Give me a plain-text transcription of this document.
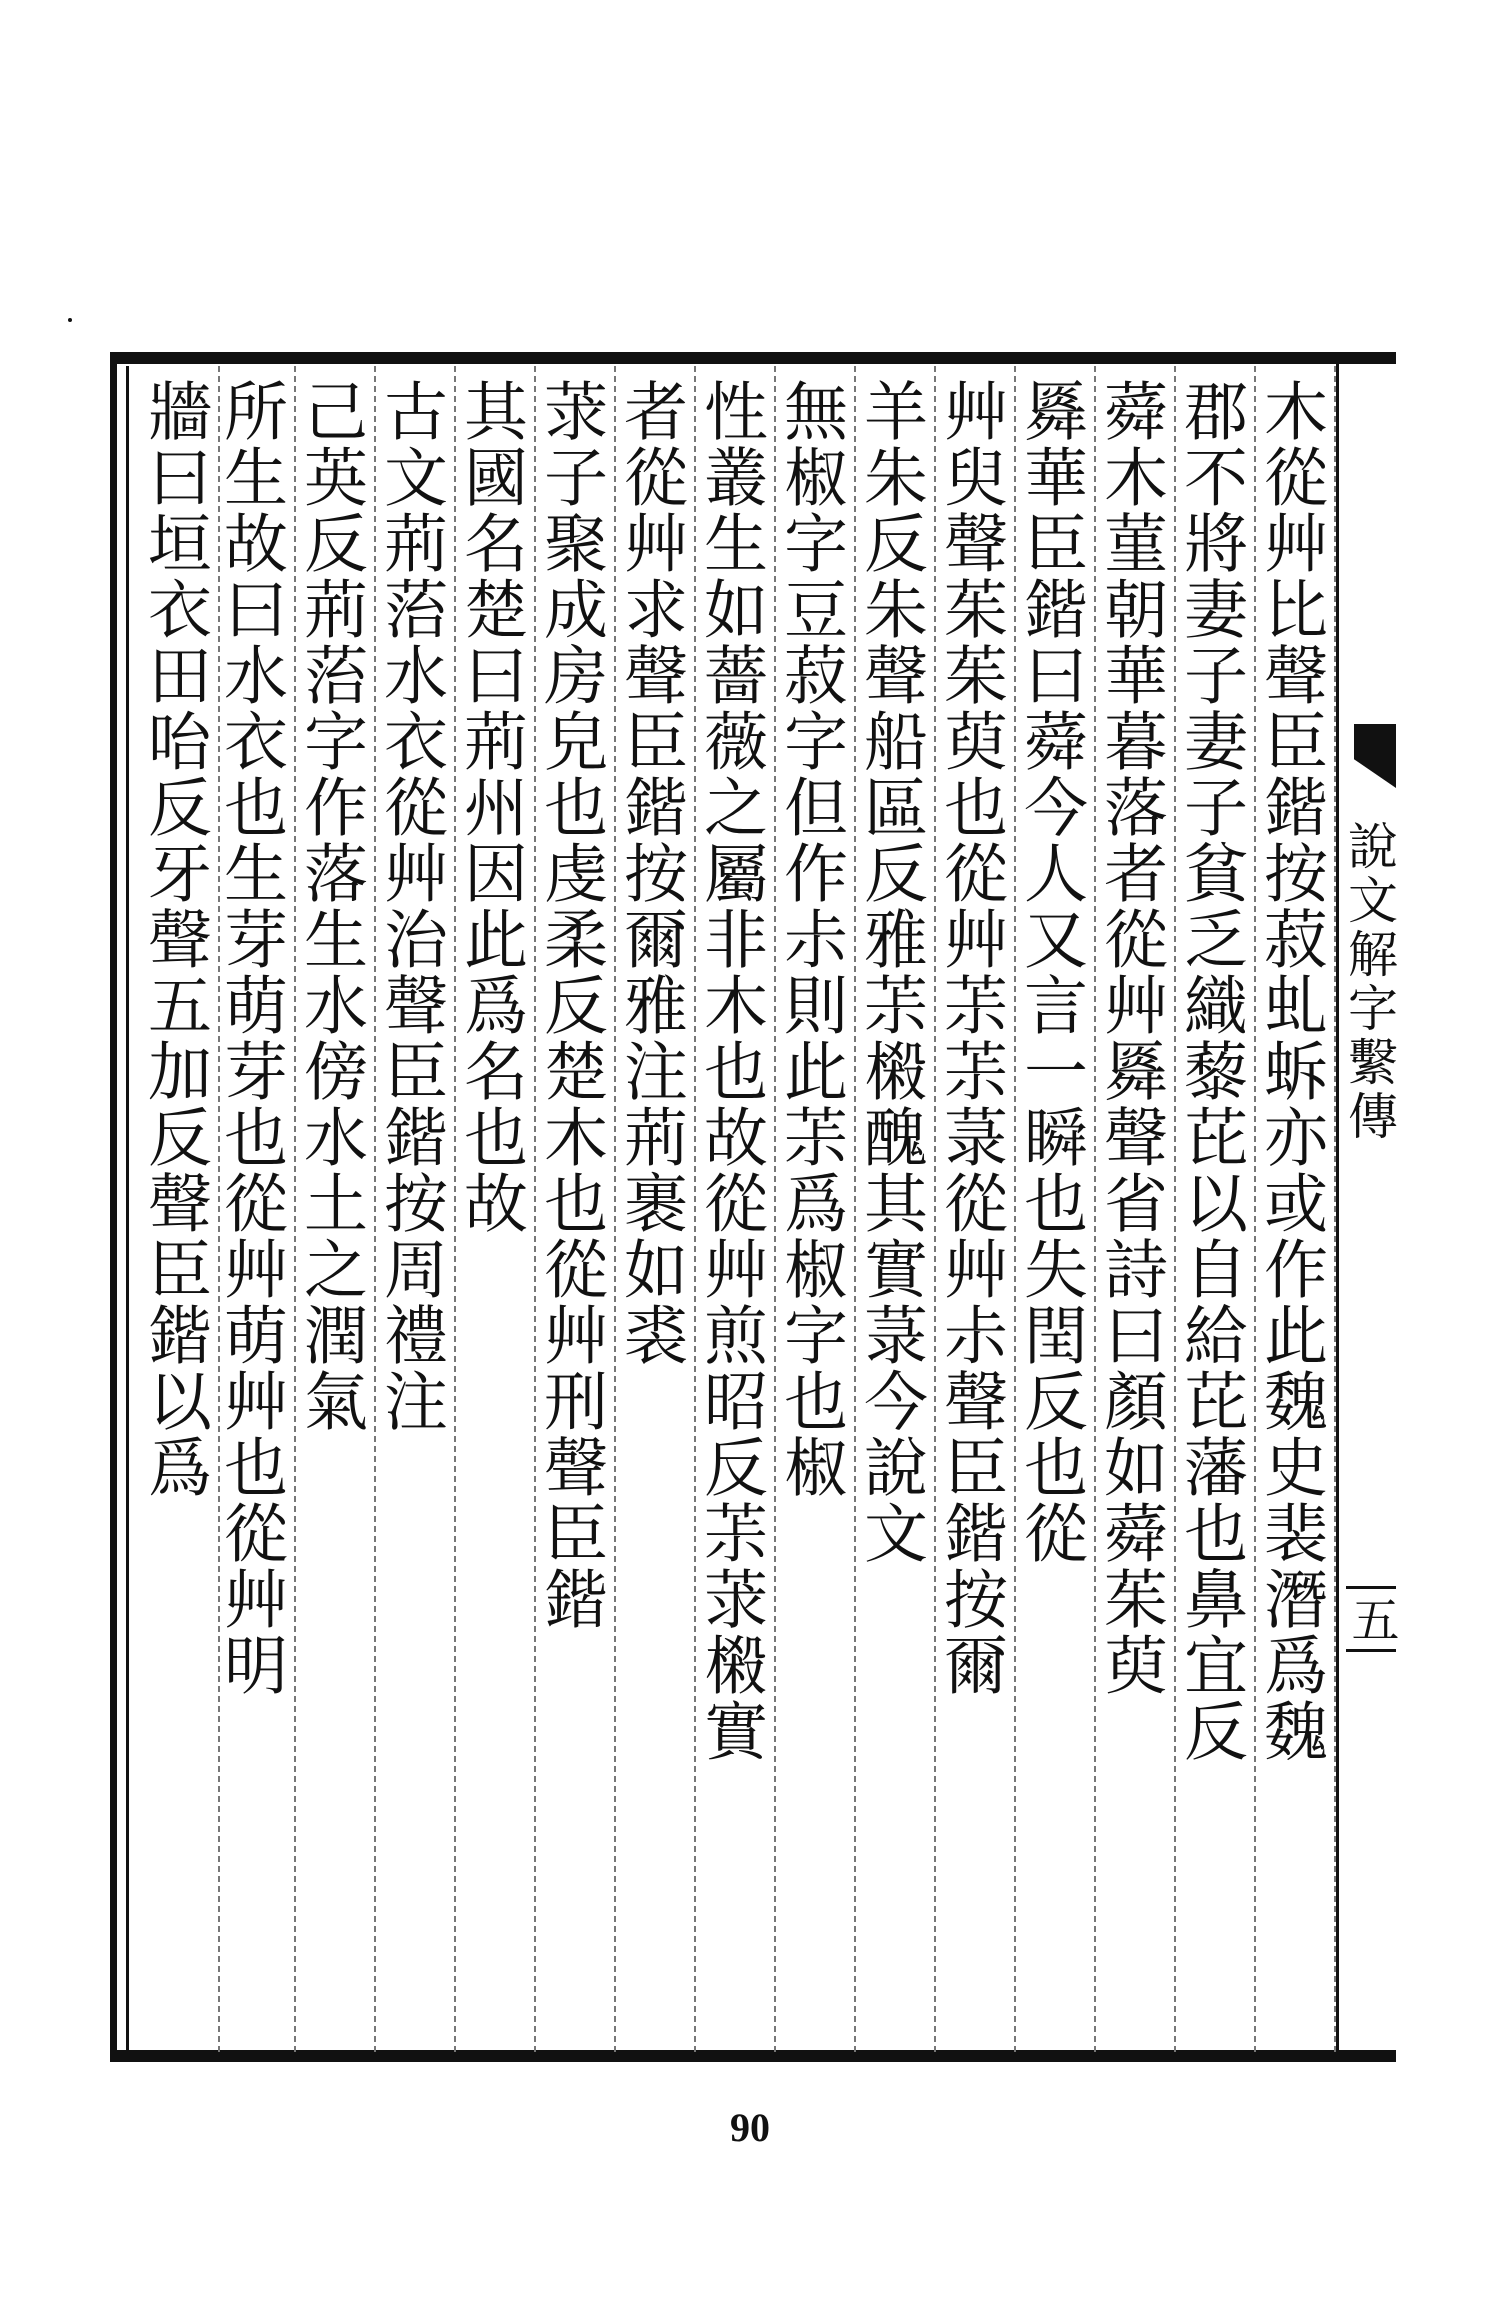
說文解字繫傳
五
木從艸比聲臣鍇按菽虬蚸亦或作此魏史裴潛爲魏
郡不將妻子妻子貧乏織藜芘以自給芘藩也鼻宜反
蕣木菫朝華暮落者從艸䑞聲省詩曰顏如蕣茱萸
䑞華臣鍇曰蕣今人又言一瞬也失閏反也從
艸臾聲茱茱萸也從艸茮茮菉從艸尗聲臣鍇按爾
羊朱反朱聲船區反雅茮樧醜其實菉今說文
無椒字豆菽字但作尗則此茮爲椒字也椒
性叢生如薔薇之屬非木也故從艸煎昭反茮莍樧實
者從艸求聲臣鍇按爾雅注荊裹如裘
莍子聚成房皃也虔柔反楚木也從艸刑聲臣鍇
其國名楚曰荊州因此爲名也故
古文荊菭水衣從艸治聲臣鍇按周禮注
己英反荊菭字作落生水傍水土之潤氣
所生故曰水衣也生芽萌芽也從艸萌艸也從艸明
牆曰垣衣田咍反牙聲五加反聲臣鍇以爲
90
